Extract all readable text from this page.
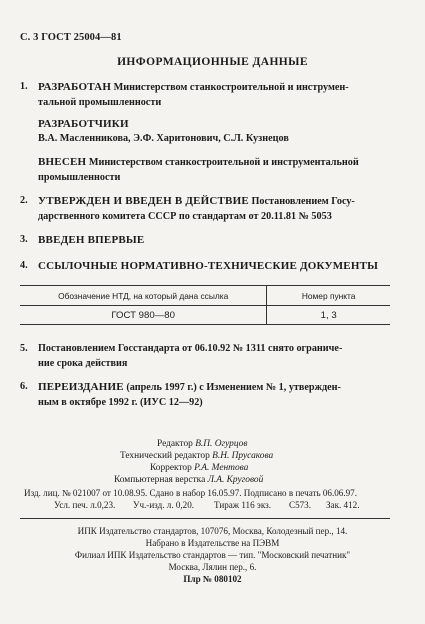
С. 3 ГОСТ 25004—81
ИНФОРМАЦИОННЫЕ ДАННЫЕ
1. РАЗРАБОТАН Министерством станкостроительной и инструмен-
тальной промышленности
РАЗРАБОТЧИКИ
В.А. Масленникова, Э.Ф. Харитонович, С.Л. Кузнецов
ВНЕСЕН Министерством станкостроительной и инструментальной
промышленности
2. УТВЕРЖДЕН И ВВЕДЕН В ДЕЙСТВИЕ Постановлением Госу-
дарственного комитета СССР по стандартам от 20.11.81 № 5053
3. ВВЕДЕН ВПЕРВЫЕ
4. ССЫЛОЧНЫЕ НОРМАТИВНО-ТЕХНИЧЕСКИЕ ДОКУМЕНТЫ
Обозначение НТД, на который дана ссылка	Номер пункта
ГОСТ 980—80	1, 3
5. Постановлением Госстандарта от 06.10.92 № 1311 снято ограниче-
ние срока действия
6. ПЕРЕИЗДАНИЕ (апрель 1997 г.) с Изменением № 1, утвержден-
ным в октябре 1992 г. (ИУС 12—92)
Редактор В.П. Огурцов
Технический редактор В.Н. Прусакова
Корректор Р.А. Ментова
Компьютерная верстка Л.А. Круговой
Изд. лиц. № 021007 от 10.08.95. Сдано в набор 16.05.97. Подписано в печать 06.06.97.
Усл. печ. л.0,23. Уч.-изд. л. 0,20. Тираж 116 экз. С573. Зак. 412.
ИПК Издательство стандартов, 107076, Москва, Колодезный пер., 14.
Набрано в Издательстве на ПЭВМ
Филиал ИПК Издательство стандартов — тип. "Московский печатник"
Москва, Лялин пер., 6.
Плр № 080102
